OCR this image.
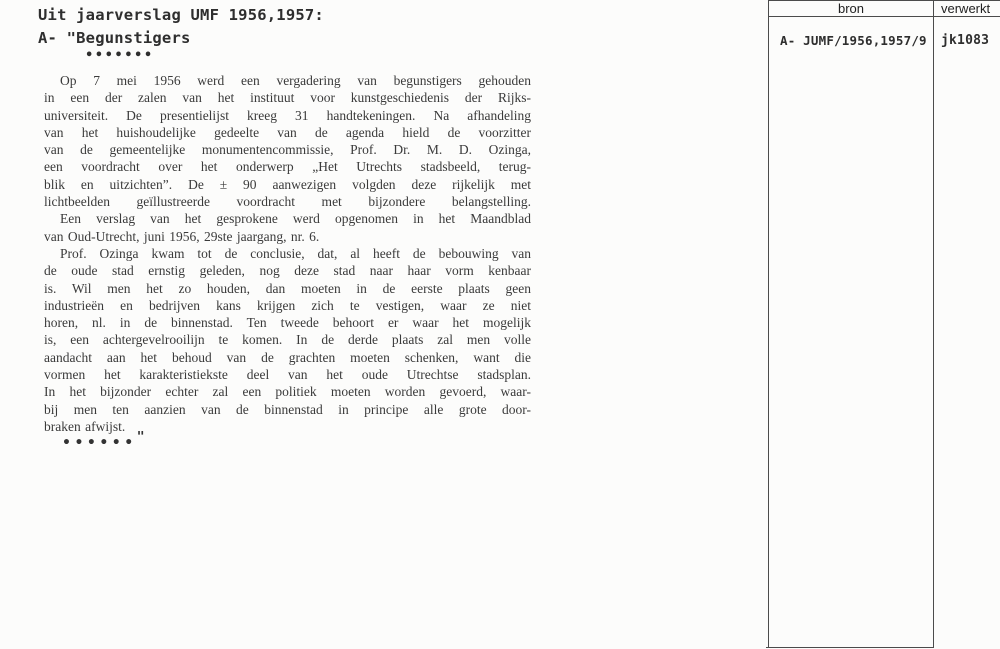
Uit jaarverslag UMF 1956,1957:
A- "Begunstigers
•••••••
Op 7 mei 1956 werd een vergadering van begunstigers gehouden
in een der zalen van het instituut voor kunstgeschiedenis der Rijks-
universiteit. De presentielijst kreeg 31 handtekeningen. Na afhandeling
van het huishoudelijke gedeelte van de agenda hield de voorzitter
van de gemeentelijke monumentencommissie, Prof. Dr. M. D. Ozinga,
een voordracht over het onderwerp „Het Utrechts stadsbeeld, terug-
blik en uitzichten”. De ± 90 aanwezigen volgden deze rijkelijk met
lichtbeelden geïllustreerde voordracht met bijzondere belangstelling.
Een verslag van het gesprokene werd opgenomen in het Maandblad
van Oud-Utrecht, juni 1956, 29ste jaargang, nr. 6.
Prof. Ozinga kwam tot de conclusie, dat, al heeft de bebouwing van
de oude stad ernstig geleden, nog deze stad naar haar vorm kenbaar
is. Wil men het zo houden, dan moeten in de eerste plaats geen
industrieën en bedrijven kans krijgen zich te vestigen, waar ze niet
horen, nl. in de binnenstad. Ten tweede behoort er waar het mogelijk
is, een achtergevelrooilijn te komen. In de derde plaats zal men volle
aandacht aan het behoud van de grachten moeten schenken, want die
vormen het karakteristiekste deel van het oude Utrechtse stadsplan.
In het bijzonder echter zal een politiek moeten worden gevoerd, waar-
bij men ten aanzien van de binnenstad in principe alle grote door-
braken afwijst.
••••••"
bron	verwerkt
A- JUMF/1956,1957/9 jk1083
